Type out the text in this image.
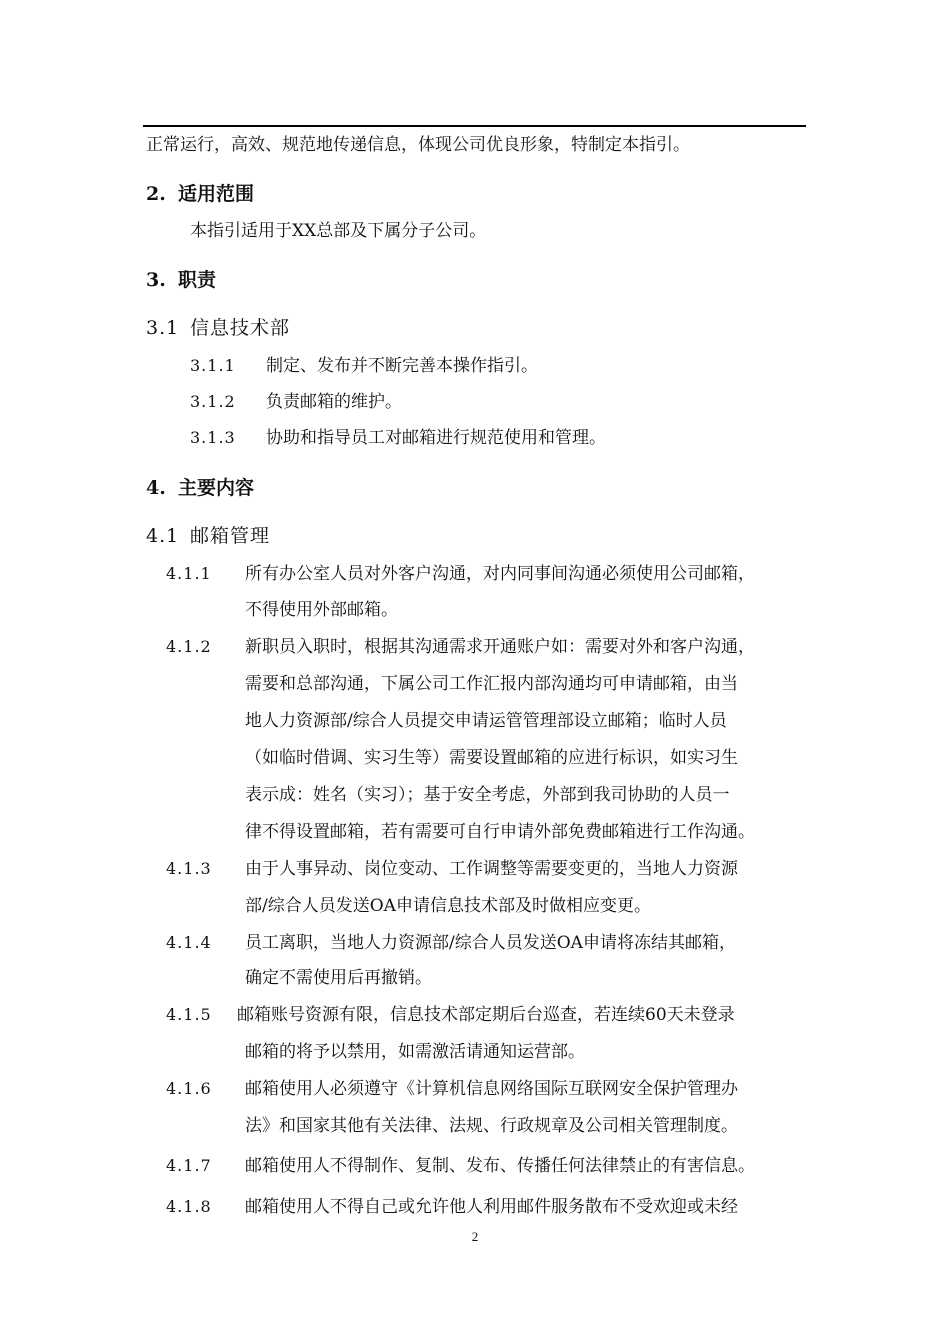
正常运行，高效、规范地传递信息，体现公司优良形象，特制定本指引。
2. 适用范围
本指引适用于XX总部及下属分子公司。
3. 职责
3.1 信息技术部
3.1.1 制定、发布并不断完善本操作指引。
3.1.2 负责邮箱的维护。
3.1.3 协助和指导员工对邮箱进行规范使用和管理。
4. 主要内容
4.1 邮箱管理
4.1.1 所有办公室人员对外客户沟通，对内同事间沟通必须使用公司邮箱，
不得使用外部邮箱。
4.1.2 新职员入职时，根据其沟通需求开通账户如：需要对外和客户沟通，
需要和总部沟通，下属公司工作汇报内部沟通均可申请邮箱，由当
地人力资源部/综合人员提交申请运管管理部设立邮箱；临时人员
（如临时借调、实习生等）需要设置邮箱的应进行标识，如实习生
表示成：姓名（实习）；基于安全考虑，外部到我司协助的人员一
律不得设置邮箱，若有需要可自行申请外部免费邮箱进行工作沟通。
4.1.3 由于人事异动、岗位变动、工作调整等需要变更的，当地人力资源
部/综合人员发送OA申请信息技术部及时做相应变更。
4.1.4 员工离职，当地人力资源部/综合人员发送OA申请将冻结其邮箱，
确定不需使用后再撤销。
4.1.5 邮箱账号资源有限，信息技术部定期后台巡查，若连续60天未登录
邮箱的将予以禁用，如需激活请通知运营部。
4.1.6 邮箱使用人必须遵守《计算机信息网络国际互联网安全保护管理办
法》和国家其他有关法律、法规、行政规章及公司相关管理制度。
4.1.7 邮箱使用人不得制作、复制、发布、传播任何法律禁止的有害信息。
4.1.8 邮箱使用人不得自己或允许他人利用邮件服务散布不受欢迎或未经
2
